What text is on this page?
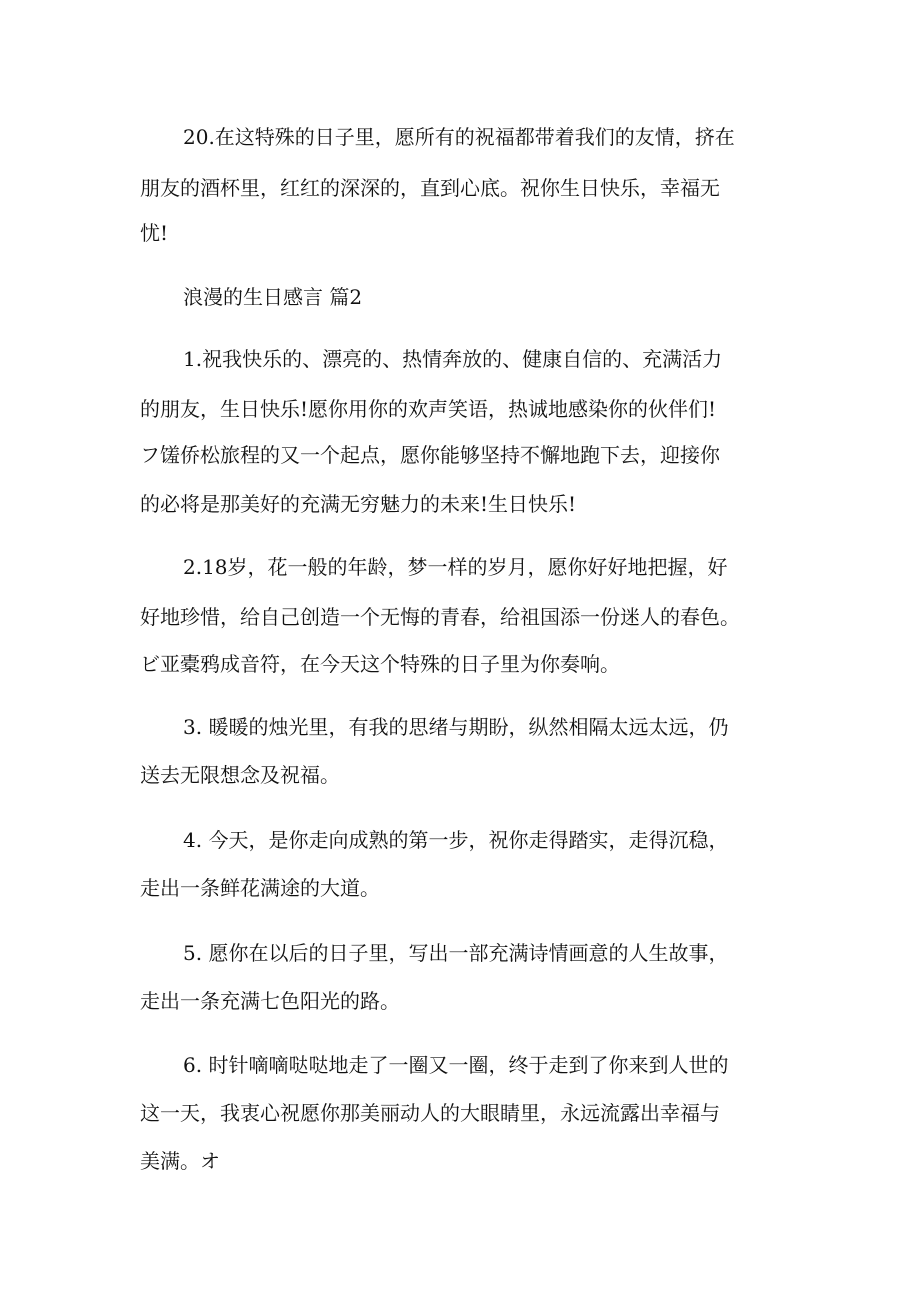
20.在这特殊的日子里，愿所有的祝福都带着我们的友情，挤在
朋友的酒杯里，红红的深深的，直到心底。祝你生日快乐，幸福无
忧!
浪漫的生日感言 篇2
1.祝我快乐的、漂亮的、热情奔放的、健康自信的、充满活力
的朋友，生日快乐!愿你用你的欢声笑语，热诚地感染你的伙伴们!
フ馐侨松旅程的又一个起点，愿你能够坚持不懈地跑下去，迎接你
的必将是那美好的充满无穷魅力的未来!生日快乐!
2.18岁，花一般的年龄，梦一样的岁月，愿你好好地把握，好
好地珍惜，给自己创造一个无悔的青春，给祖国添一份迷人的春色。
ビ亚橐鸦成音符，在今天这个特殊的日子里为你奏响。
3. 暖暖的烛光里，有我的思绪与期盼，纵然相隔太远太远，仍
送去无限想念及祝福。
4. 今天，是你走向成熟的第一步，祝你走得踏实，走得沉稳，
走出一条鲜花满途的大道。
5. 愿你在以后的日子里，写出一部充满诗情画意的人生故事，
走出一条充满七色阳光的路。
6. 时针嘀嘀哒哒地走了一圈又一圈，终于走到了你来到人世的
这一天，我衷心祝愿你那美丽动人的大眼睛里，永远流露出幸福与
美满。オ
